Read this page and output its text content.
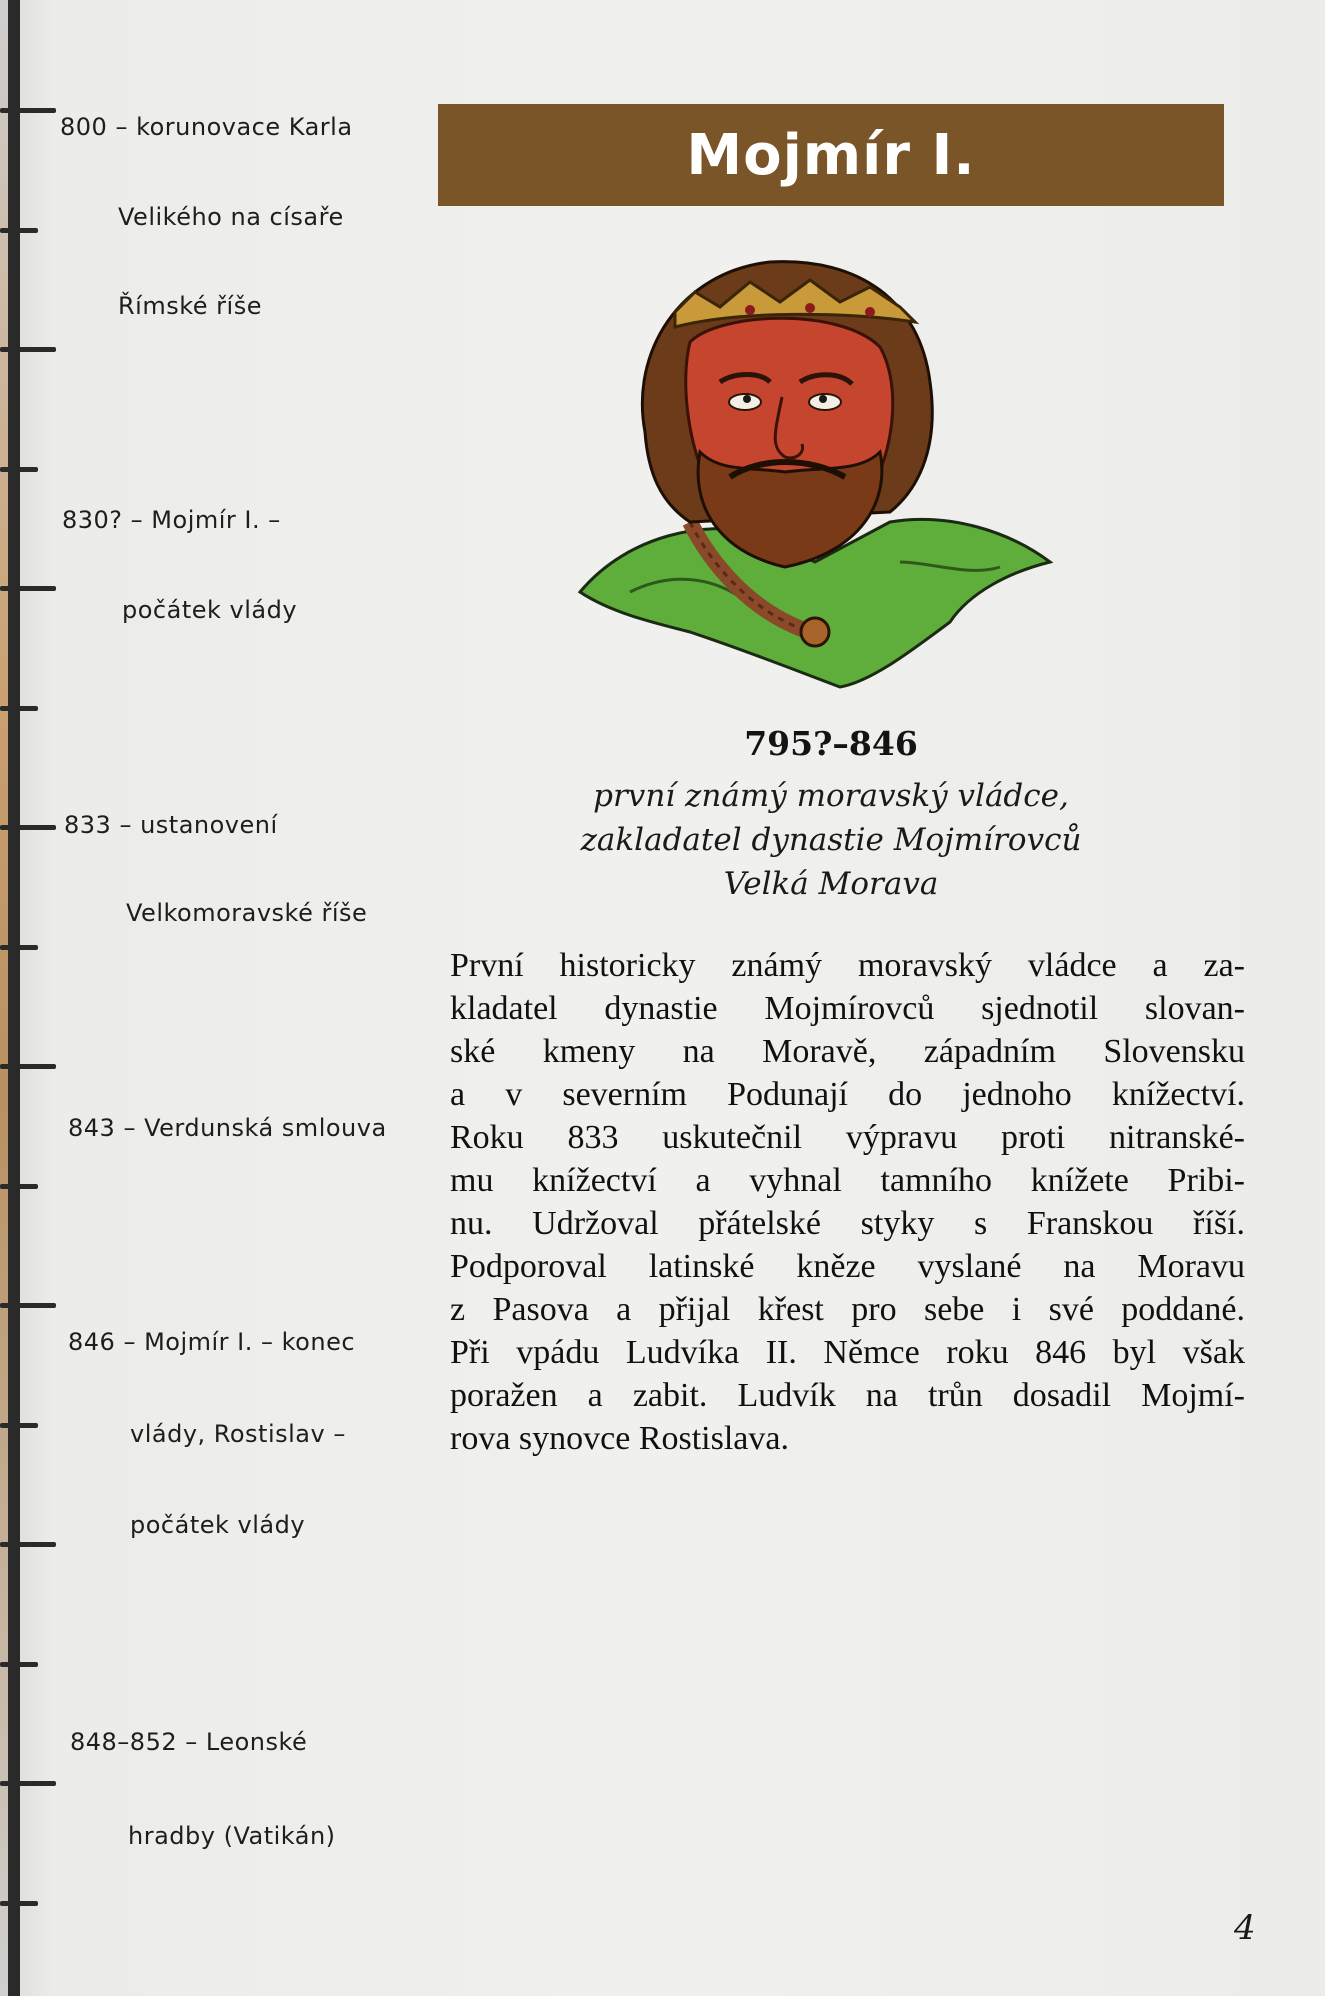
800 – korunovace Karla
Velikého na císaře
Římské říše
830? – Mojmír I. –
počátek vlády
833 – ustanovení
Velkomoravské říše
843 – Verdunská smlouva
846 – Mojmír I. – konec
vlády, Rostislav –
počátek vlády
848–852 – Leonské
hradby (Vatikán)
Mojmír I.
795?–846
první známý moravský vládce,
zakladatel dynastie Mojmírovců
Velká Morava
První historicky známý moravský vládce a za-
kladatel dynastie Mojmírovců sjednotil slovan-
ské kmeny na Moravě, západním Slovensku
a v severním Podunají do jednoho knížectví.
Roku 833 uskutečnil výpravu proti nitranské-
mu knížectví a vyhnal tamního knížete Pribi-
nu. Udržoval přátelské styky s Franskou říší.
Podporoval latinské kněze vyslané na Moravu
z Pasova a přijal křest pro sebe i své poddané.
Při vpádu Ludvíka II. Němce roku 846 byl však
poražen a zabit. Ludvík na trůn dosadil Mojmí-
rova synovce Rostislava.
4
